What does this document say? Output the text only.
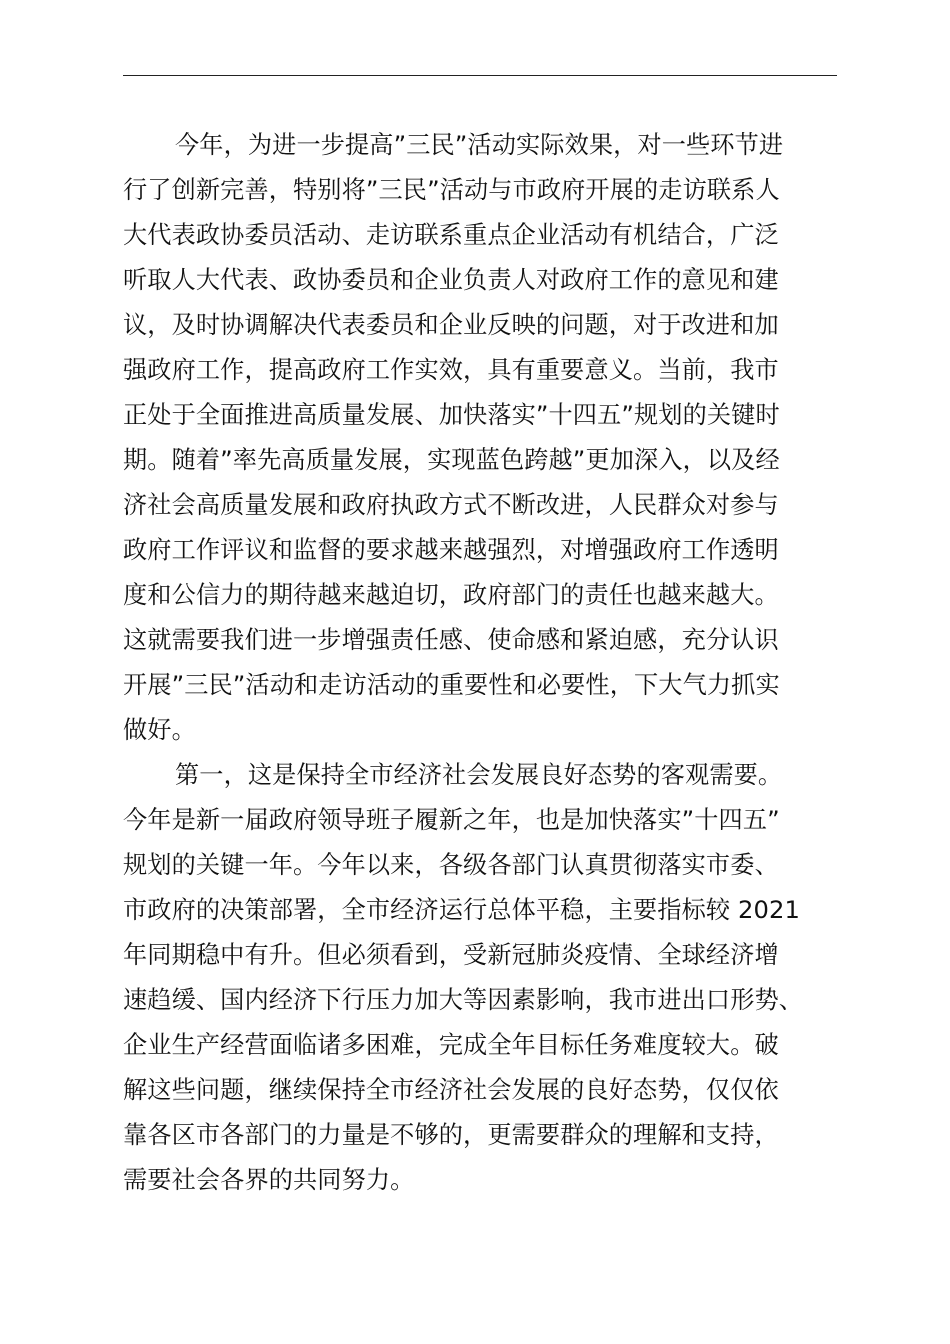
今年，为进一步提高”三民”活动实际效果，对一些环节进
行了创新完善，特别将”三民”活动与市政府开展的走访联系人
大代表政协委员活动、走访联系重点企业活动有机结合，广泛
听取人大代表、政协委员和企业负责人对政府工作的意见和建
议，及时协调解决代表委员和企业反映的问题，对于改进和加
强政府工作，提高政府工作实效，具有重要意义。当前，我市
正处于全面推进高质量发展、加快落实”十四五”规划的关键时
期。随着”率先高质量发展，实现蓝色跨越”更加深入，以及经
济社会高质量发展和政府执政方式不断改进，人民群众对参与
政府工作评议和监督的要求越来越强烈，对增强政府工作透明
度和公信力的期待越来越迫切，政府部门的责任也越来越大。
这就需要我们进一步增强责任感、使命感和紧迫感，充分认识
开展”三民”活动和走访活动的重要性和必要性，下大气力抓实
做好。
第一，这是保持全市经济社会发展良好态势的客观需要。
今年是新一届政府领导班子履新之年，也是加快落实”十四五”
规划的关键一年。今年以来，各级各部门认真贯彻落实市委、
市政府的决策部署，全市经济运行总体平稳，主要指标较 2021
年同期稳中有升。但必须看到，受新冠肺炎疫情、全球经济增
速趋缓、国内经济下行压力加大等因素影响，我市进出口形势、
企业生产经营面临诸多困难，完成全年目标任务难度较大。破
解这些问题，继续保持全市经济社会发展的良好态势，仅仅依
靠各区市各部门的力量是不够的，更需要群众的理解和支持，
需要社会各界的共同努力。
